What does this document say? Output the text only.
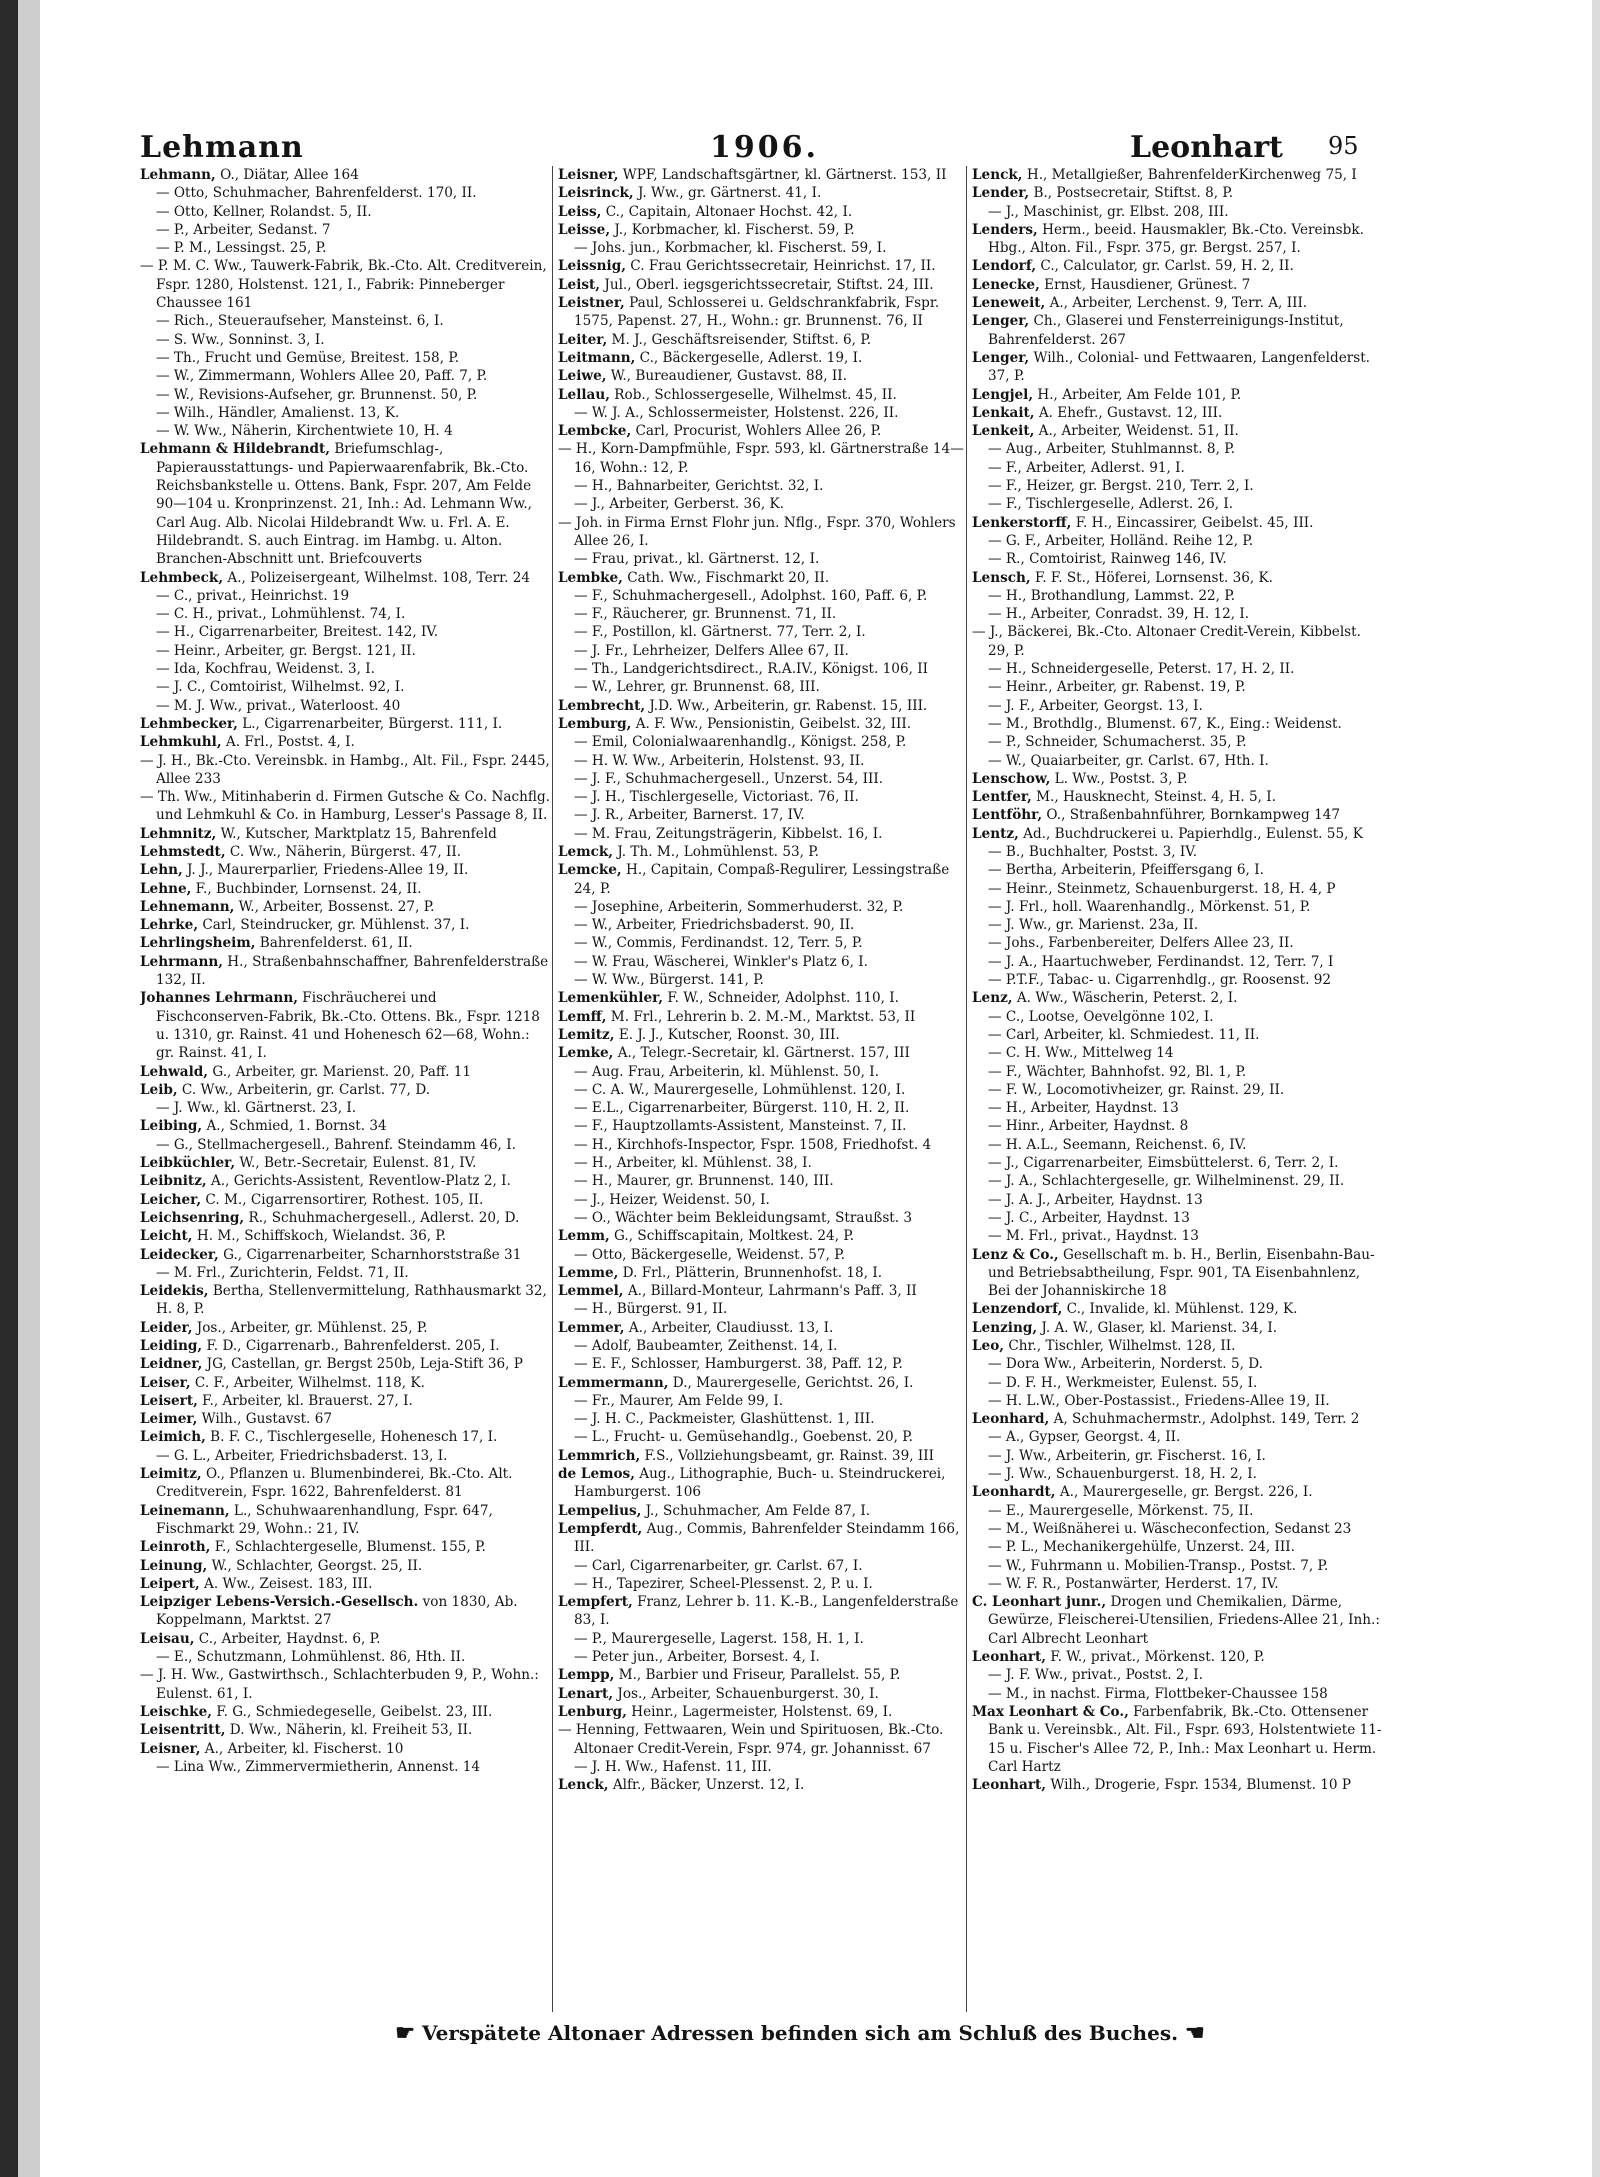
Lehmann	1906.	Leonhart 95
Lehmann, O., Diätar, Allee 164
— Otto, Schuhmacher, Bahrenfelderst. 170, II.
— Otto, Kellner, Rolandst. 5, II.
— P., Arbeiter, Sedanst. 7
— P. M., Lessingst. 25, P.
— P. M. C. Ww., Tauwerk-Fabrik, Bk.-Cto. Alt. Creditverein, Fspr. 1280, Holstenst. 121, I., Fabrik: Pinneberger Chaussee 161
— Rich., Steueraufseher, Mansteinst. 6, I.
— S. Ww., Sonninst. 3, I.
— Th., Frucht und Gemüse, Breitest. 158, P.
— W., Zimmermann, Wohlers Allee 20, Paff. 7, P.
— W., Revisions-Aufseher, gr. Brunnenst. 50, P.
— Wilh., Händler, Amalienst. 13, K.
— W. Ww., Näherin, Kirchentwiete 10, H. 4
Lehmann & Hildebrandt, Briefumschlag-, Papierausstattungs- und Papierwaarenfabrik, Bk.-Cto. Reichsbankstelle u. Ottens. Bank, Fspr. 207, Am Felde 90—104 u. Kronprinzenst. 21, Inh.: Ad. Lehmann Ww., Carl Aug. Alb. Nicolai Hildebrandt Ww. u. Frl. A. E. Hildebrandt. S. auch Eintrag. im Hambg. u. Alton. Branchen-Abschnitt unt. Briefcouverts
Lehmbeck, A., Polizeisergeant, Wilhelmst. 108, Terr. 24
— C., privat., Heinrichst. 19
— C. H., privat., Lohmühlenst. 74, I.
— H., Cigarrenarbeiter, Breitest. 142, IV.
— Heinr., Arbeiter, gr. Bergst. 121, II.
— Ida, Kochfrau, Weidenst. 3, I.
— J. C., Comtoirist, Wilhelmst. 92, I.
— M. J. Ww., privat., Waterloost. 40
Lehmbecker, L., Cigarrenarbeiter, Bürgerst. 111, I.
Lehmkuhl, A. Frl., Postst. 4, I.
— J. H., Bk.-Cto. Vereinsbk. in Hambg., Alt. Fil., Fspr. 2445, Allee 233
— Th. Ww., Mitinhaberin d. Firmen Gutsche & Co. Nachflg. und Lehmkuhl & Co. in Hamburg, Lesser's Passage 8, II.
Lehmnitz, W., Kutscher, Marktplatz 15, Bahrenfeld
Lehmstedt, C. Ww., Näherin, Bürgerst. 47, II.
Lehn, J. J., Maurerparlier, Friedens-Allee 19, II.
Lehne, F., Buchbinder, Lornsenst. 24, II.
Lehnemann, W., Arbeiter, Bossenst. 27, P.
Lehrke, Carl, Steindrucker, gr. Mühlenst. 37, I.
Lehrlingsheim, Bahrenfelderst. 61, II.
Lehrmann, H., Straßenbahnschaffner, Bahrenfelderstraße 132, II.
Johannes Lehrmann, Fischräucherei und Fischconserven-Fabrik, Bk.-Cto. Ottens. Bk., Fspr. 1218 u. 1310, gr. Rainst. 41 und Hohenesch 62—68, Wohn.: gr. Rainst. 41, I.
Lehwald, G., Arbeiter, gr. Marienst. 20, Paff. 11
Leib, C. Ww., Arbeiterin, gr. Carlst. 77, D.
— J. Ww., kl. Gärtnerst. 23, I.
Leibing, A., Schmied, 1. Bornst. 34
— G., Stellmachergesell., Bahrenf. Steindamm 46, I.
Leibküchler, W., Betr.-Secretair, Eulenst. 81, IV.
Leibnitz, A., Gerichts-Assistent, Reventlow-Platz 2, I.
Leicher, C. M., Cigarrensortirer, Rothest. 105, II.
Leichsenring, R., Schuhmachergesell., Adlerst. 20, D.
Leicht, H. M., Schiffskoch, Wielandst. 36, P.
Leidecker, G., Cigarrenarbeiter, Scharnhorststraße 31
— M. Frl., Zurichterin, Feldst. 71, II.
Leidekis, Bertha, Stellenvermittelung, Rathhausmarkt 32, H. 8, P.
Leider, Jos., Arbeiter, gr. Mühlenst. 25, P.
Leiding, F. D., Cigarrenarb., Bahrenfelderst. 205, I.
Leidner, JG, Castellan, gr. Bergst 250b, Leja-Stift 36, P
Leiser, C. F., Arbeiter, Wilhelmst. 118, K.
Leisert, F., Arbeiter, kl. Brauerst. 27, I.
Leimer, Wilh., Gustavst. 67
Leimich, B. F. C., Tischlergeselle, Hohenesch 17, I.
— G. L., Arbeiter, Friedrichsbaderst. 13, I.
Leimitz, O., Pflanzen u. Blumenbinderei, Bk.-Cto. Alt. Creditverein, Fspr. 1622, Bahrenfelderst. 81
Leinemann, L., Schuhwaarenhandlung, Fspr. 647, Fischmarkt 29, Wohn.: 21, IV.
Leinroth, F., Schlachtergeselle, Blumenst. 155, P.
Leinung, W., Schlachter, Georgst. 25, II.
Leipert, A. Ww., Zeisest. 183, III.
Leipziger Lebens-Versich.-Gesellsch. von 1830, Ab. Koppelmann, Marktst. 27
Leisau, C., Arbeiter, Haydnst. 6, P.
— E., Schutzmann, Lohmühlenst. 86, Hth. II.
— J. H. Ww., Gastwirthsch., Schlachterbuden 9, P., Wohn.: Eulenst. 61, I.
Leischke, F. G., Schmiedegeselle, Geibelst. 23, III.
Leisentritt, D. Ww., Näherin, kl. Freiheit 53, II.
Leisner, A., Arbeiter, kl. Fischerst. 10
— Lina Ww., Zimmervermietherin, Annenst. 14
Leisner, WPF, Landschaftsgärtner, kl. Gärtnerst. 153, II
Leisrinck, J. Ww., gr. Gärtnerst. 41, I.
Leiss, C., Capitain, Altonaer Hochst. 42, I.
Leisse, J., Korbmacher, kl. Fischerst. 59, P.
— Johs. jun., Korbmacher, kl. Fischerst. 59, I.
Leissnig, C. Frau Gerichtssecretair, Heinrichst. 17, II.
Leist, Jul., Oberl. iegsgerichtssecretair, Stiftst. 24, III.
Leistner, Paul, Schlosserei u. Geldschrankfabrik, Fspr. 1575, Papenst. 27, H., Wohn.: gr. Brunnenst. 76, II
Leiter, M. J., Geschäftsreisender, Stiftst. 6, P.
Leitmann, C., Bäckergeselle, Adlerst. 19, I.
Leiwe, W., Bureaudiener, Gustavst. 88, II.
Lellau, Rob., Schlossergeselle, Wilhelmst. 45, II.
— W. J. A., Schlossermeister, Holstenst. 226, II.
Lembcke, Carl, Procurist, Wohlers Allee 26, P.
— H., Korn-Dampfmühle, Fspr. 593, kl. Gärtnerstraße 14—16, Wohn.: 12, P.
— H., Bahnarbeiter, Gerichtst. 32, I.
— J., Arbeiter, Gerberst. 36, K.
— Joh. in Firma Ernst Flohr jun. Nflg., Fspr. 370, Wohlers Allee 26, I.
— Frau, privat., kl. Gärtnerst. 12, I.
Lembke, Cath. Ww., Fischmarkt 20, II.
— F., Schuhmachergesell., Adolphst. 160, Paff. 6, P.
— F., Räucherer, gr. Brunnenst. 71, II.
— F., Postillon, kl. Gärtnerst. 77, Terr. 2, I.
— J. Fr., Lehrheizer, Delfers Allee 67, II.
— Th., Landgerichtsdirect., R.A.IV., Königst. 106, II
— W., Lehrer, gr. Brunnenst. 68, III.
Lembrecht, J.D. Ww., Arbeiterin, gr. Rabenst. 15, III.
Lemburg, A. F. Ww., Pensionistin, Geibelst. 32, III.
— Emil, Colonialwaarenhandlg., Königst. 258, P.
— H. W. Ww., Arbeiterin, Holstenst. 93, II.
— J. F., Schuhmachergesell., Unzerst. 54, III.
— J. H., Tischlergeselle, Victoriast. 76, II.
— J. R., Arbeiter, Barnerst. 17, IV.
— M. Frau, Zeitungsträgerin, Kibbelst. 16, I.
Lemck, J. Th. M., Lohmühlenst. 53, P.
Lemcke, H., Capitain, Compaß-Regulirer, Lessingstraße 24, P.
— Josephine, Arbeiterin, Sommerhuderst. 32, P.
— W., Arbeiter, Friedrichsbaderst. 90, II.
— W., Commis, Ferdinandst. 12, Terr. 5, P.
— W. Frau, Wäscherei, Winkler's Platz 6, I.
— W. Ww., Bürgerst. 141, P.
Lemenkühler, F. W., Schneider, Adolphst. 110, I.
Lemff, M. Frl., Lehrerin b. 2. M.-M., Marktst. 53, II
Lemitz, E. J. J., Kutscher, Roonst. 30, III.
Lemke, A., Telegr.-Secretair, kl. Gärtnerst. 157, III
— Aug. Frau, Arbeiterin, kl. Mühlenst. 50, I.
— C. A. W., Maurergeselle, Lohmühlenst. 120, I.
— E.L., Cigarrenarbeiter, Bürgerst. 110, H. 2, II.
— F., Hauptzollamts-Assistent, Mansteinst. 7, II.
— H., Kirchhofs-Inspector, Fspr. 1508, Friedhofst. 4
— H., Arbeiter, kl. Mühlenst. 38, I.
— H., Maurer, gr. Brunnenst. 140, III.
— J., Heizer, Weidenst. 50, I.
— O., Wächter beim Bekleidungsamt, Straußst. 3
Lemm, G., Schiffscapitain, Moltkest. 24, P.
— Otto, Bäckergeselle, Weidenst. 57, P.
Lemme, D. Frl., Plätterin, Brunnenhofst. 18, I.
Lemmel, A., Billard-Monteur, Lahrmann's Paff. 3, II
— H., Bürgerst. 91, II.
Lemmer, A., Arbeiter, Claudiusst. 13, I.
— Adolf, Baubeamter, Zeithenst. 14, I.
— E. F., Schlosser, Hamburgerst. 38, Paff. 12, P.
Lemmermann, D., Maurergeselle, Gerichtst. 26, I.
— Fr., Maurer, Am Felde 99, I.
— J. H. C., Packmeister, Glashüttenst. 1, III.
— L., Frucht- u. Gemüsehandlg., Goebenst. 20, P.
Lemmrich, F.S., Vollziehungsbeamt, gr. Rainst. 39, III
de Lemos, Aug., Lithographie, Buch- u. Steindruckerei, Hamburgerst. 106
Lempelius, J., Schuhmacher, Am Felde 87, I.
Lempferdt, Aug., Commis, Bahrenfelder Steindamm 166, III.
— Carl, Cigarrenarbeiter, gr. Carlst. 67, I.
— H., Tapezirer, Scheel-Plessenst. 2, P. u. I.
Lempfert, Franz, Lehrer b. 11. K.-B., Langenfelderstraße 83, I.
— P., Maurergeselle, Lagerst. 158, H. 1, I.
— Peter jun., Arbeiter, Borsest. 4, I.
Lempp, M., Barbier und Friseur, Parallelst. 55, P.
Lenart, Jos., Arbeiter, Schauenburgerst. 30, I.
Lenburg, Heinr., Lagermeister, Holstenst. 69, I.
— Henning, Fettwaaren, Wein und Spirituosen, Bk.-Cto. Altonaer Credit-Verein, Fspr. 974, gr. Johannisst. 67
— J. H. Ww., Hafenst. 11, III.
Lenck, Alfr., Bäcker, Unzerst. 12, I.
Lenck, H., Metallgießer, BahrenfelderKirchenweg 75, I
Lender, B., Postsecretair, Stiftst. 8, P.
— J., Maschinist, gr. Elbst. 208, III.
Lenders, Herm., beeid. Hausmakler, Bk.-Cto. Vereinsbk. Hbg., Alton. Fil., Fspr. 375, gr. Bergst. 257, I.
Lendorf, C., Calculator, gr. Carlst. 59, H. 2, II.
Lenecke, Ernst, Hausdiener, Grünest. 7
Leneweit, A., Arbeiter, Lerchenst. 9, Terr. A, III.
Lenger, Ch., Glaserei und Fensterreinigungs-Institut, Bahrenfelderst. 267
Lenger, Wilh., Colonial- und Fettwaaren, Langenfelderst. 37, P.
Lengjel, H., Arbeiter, Am Felde 101, P.
Lenkait, A. Ehefr., Gustavst. 12, III.
Lenkeit, A., Arbeiter, Weidenst. 51, II.
— Aug., Arbeiter, Stuhlmannst. 8, P.
— F., Arbeiter, Adlerst. 91, I.
— F., Heizer, gr. Bergst. 210, Terr. 2, I.
— F., Tischlergeselle, Adlerst. 26, I.
Lenkerstorff, F. H., Eincassirer, Geibelst. 45, III.
— G. F., Arbeiter, Holländ. Reihe 12, P.
— R., Comtoirist, Rainweg 146, IV.
Lensch, F. F. St., Höferei, Lornsenst. 36, K.
— H., Brothandlung, Lammst. 22, P.
— H., Arbeiter, Conradst. 39, H. 12, I.
— J., Bäckerei, Bk.-Cto. Altonaer Credit-Verein, Kibbelst. 29, P.
— H., Schneidergeselle, Peterst. 17, H. 2, II.
— Heinr., Arbeiter, gr. Rabenst. 19, P.
— J. F., Arbeiter, Georgst. 13, I.
— M., Brothdlg., Blumenst. 67, K., Eing.: Weidenst.
— P., Schneider, Schumacherst. 35, P.
— W., Quaiarbeiter, gr. Carlst. 67, Hth. I.
Lenschow, L. Ww., Postst. 3, P.
Lentfer, M., Hausknecht, Steinst. 4, H. 5, I.
Lentföhr, O., Straßenbahnführer, Bornkampweg 147
Lentz, Ad., Buchdruckerei u. Papierhdlg., Eulenst. 55, K
— B., Buchhalter, Postst. 3, IV.
— Bertha, Arbeiterin, Pfeiffersgang 6, I.
— Heinr., Steinmetz, Schauenburgerst. 18, H. 4, P
— J. Frl., holl. Waarenhandlg., Mörkenst. 51, P.
— J. Ww., gr. Marienst. 23a, II.
— Johs., Farbenbereiter, Delfers Allee 23, II.
— J. A., Haartuchweber, Ferdinandst. 12, Terr. 7, I
— P.T.F., Tabac- u. Cigarrenhdlg., gr. Roosenst. 92
Lenz, A. Ww., Wäscherin, Peterst. 2, I.
— C., Lootse, Oevelgönne 102, I.
— Carl, Arbeiter, kl. Schmiedest. 11, II.
— C. H. Ww., Mittelweg 14
— F., Wächter, Bahnhofst. 92, Bl. 1, P.
— F. W., Locomotivheizer, gr. Rainst. 29, II.
— H., Arbeiter, Haydnst. 13
— Hinr., Arbeiter, Haydnst. 8
— H. A.L., Seemann, Reichenst. 6, IV.
— J., Cigarrenarbeiter, Eimsbüttelerst. 6, Terr. 2, I.
— J. A., Schlachtergeselle, gr. Wilhelminenst. 29, II.
— J. A. J., Arbeiter, Haydnst. 13
— J. C., Arbeiter, Haydnst. 13
— M. Frl., privat., Haydnst. 13
Lenz & Co., Gesellschaft m. b. H., Berlin, Eisenbahn-Bau- und Betriebsabtheilung, Fspr. 901, TA Eisenbahnlenz, Bei der Johanniskirche 18
Lenzendorf, C., Invalide, kl. Mühlenst. 129, K.
Lenzing, J. A. W., Glaser, kl. Marienst. 34, I.
Leo, Chr., Tischler, Wilhelmst. 128, II.
— Dora Ww., Arbeiterin, Norderst. 5, D.
— D. F. H., Werkmeister, Eulenst. 55, I.
— H. L.W., Ober-Postassist., Friedens-Allee 19, II.
Leonhard, A, Schuhmachermstr., Adolphst. 149, Terr. 2
— A., Gypser, Georgst. 4, II.
— J. Ww., Arbeiterin, gr. Fischerst. 16, I.
— J. Ww., Schauenburgerst. 18, H. 2, I.
Leonhardt, A., Maurergeselle, gr. Bergst. 226, I.
— E., Maurergeselle, Mörkenst. 75, II.
— M., Weißnäherei u. Wäscheconfection, Sedanst 23
— P. L., Mechanikergehülfe, Unzerst. 24, III.
— W., Fuhrmann u. Mobilien-Transp., Postst. 7, P.
— W. F. R., Postanwärter, Herderst. 17, IV.
C. Leonhart junr., Drogen und Chemikalien, Därme, Gewürze, Fleischerei-Utensilien, Friedens-Allee 21, Inh.: Carl Albrecht Leonhart
Leonhart, F. W., privat., Mörkenst. 120, P.
— J. F. Ww., privat., Postst. 2, I.
— M., in nachst. Firma, Flottbeker-Chaussee 158
Max Leonhart & Co., Farbenfabrik, Bk.-Cto. Ottensener Bank u. Vereinsbk., Alt. Fil., Fspr. 693, Holstentwiete 11-15 u. Fischer's Allee 72, P., Inh.: Max Leonhart u. Herm. Carl Hartz
Leonhart, Wilh., Drogerie, Fspr. 1534, Blumenst. 10 P
☛ Verspätete Altonaer Adressen befinden sich am Schluß des Buches. ☚
